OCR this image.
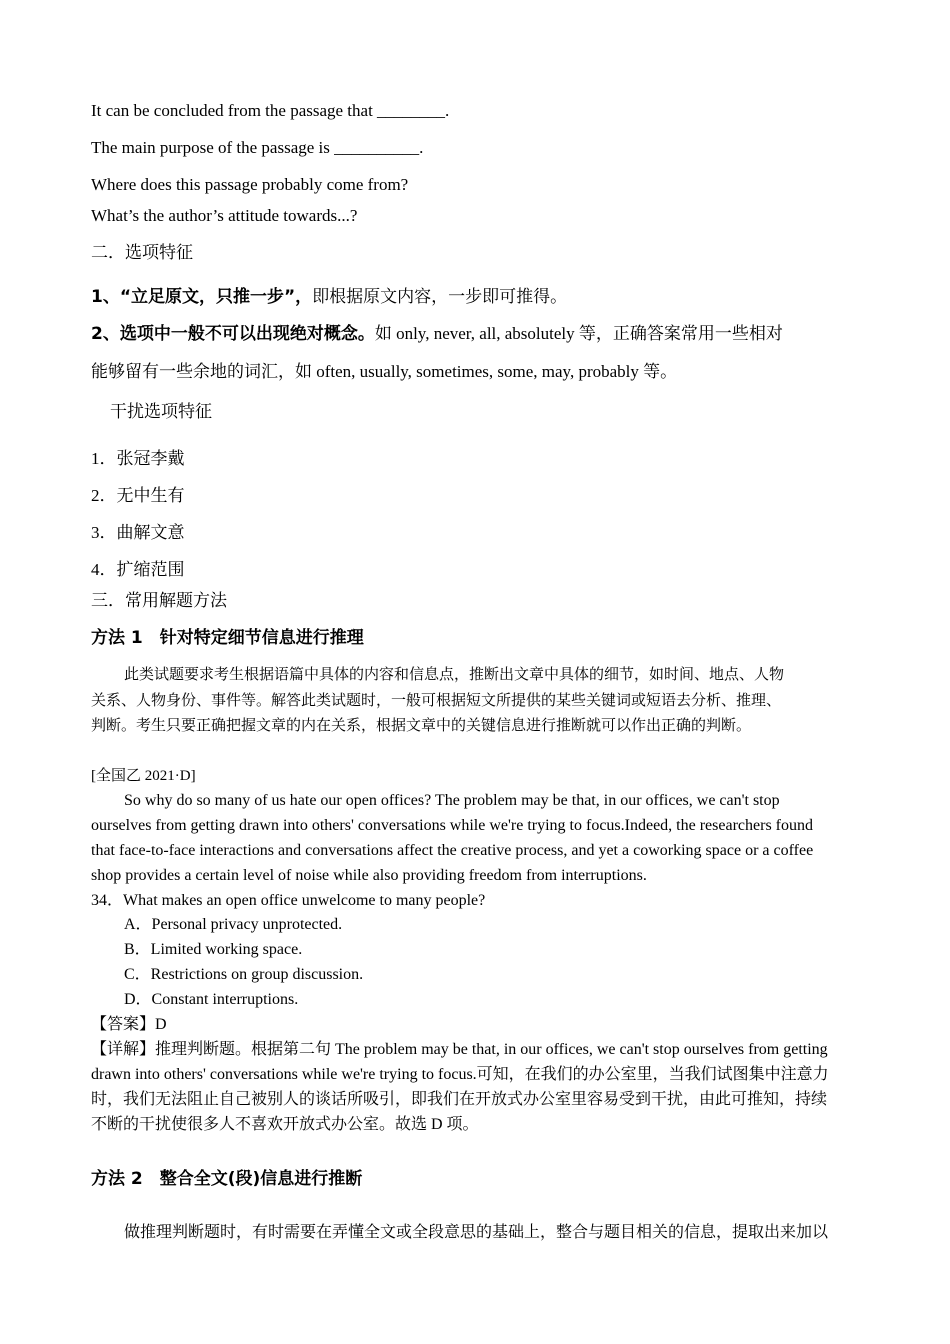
It can be concluded from the passage that ________.
The main purpose of the passage is __________.
Where does this passage probably come from?
What’s the author’s attitude towards...?
二．选项特征
1、“立足原文，只推一步”，即根据原文内容，一步即可推得。
2、选项中一般不可以出现绝对概念。如 only, never, all, absolutely 等，正确答案常用一些相对
能够留有一些余地的词汇，如 often, usually, sometimes, some, may, probably 等。
干扰选项特征
1．张冠李戴
2．无中生有
3．曲解文意
4．扩缩范围
三．常用解题方法
方法 1　针对特定细节信息进行推理
此类试题要求考生根据语篇中具体的内容和信息点，推断出文章中具体的细节，如时间、地点、人物
关系、人物身份、事件等。解答此类试题时，一般可根据短文所提供的某些关键词或短语去分析、推理、
判断。考生只要正确把握文章的内在关系，根据文章中的关键信息进行推断就可以作出正确的判断。
[全国乙 2021·D]
So why do so many of us hate our open offices? The problem may be that, in our offices, we can't stop
ourselves from getting drawn into others' conversations while we're trying to focus.Indeed, the researchers found
that face-to-face interactions and conversations affect the creative process, and yet a coworking space or a coffee
shop provides a certain level of noise while also providing freedom from interruptions.
34．What makes an open office unwelcome to many people?
A．Personal privacy unprotected.
B．Limited working space.
C．Restrictions on group discussion.
D．Constant interruptions.
【答案】D
【详解】推理判断题。根据第二句 The problem may be that, in our offices, we can't stop ourselves from getting
drawn into others' conversations while we're trying to focus.可知，在我们的办公室里，当我们试图集中注意力
时，我们无法阻止自己被别人的谈话所吸引，即我们在开放式办公室里容易受到干扰，由此可推知，持续
不断的干扰使很多人不喜欢开放式办公室。故选 D 项。
方法 2　整合全文(段)信息进行推断
做推理判断题时，有时需要在弄懂全文或全段意思的基础上，整合与题目相关的信息，提取出来加以
